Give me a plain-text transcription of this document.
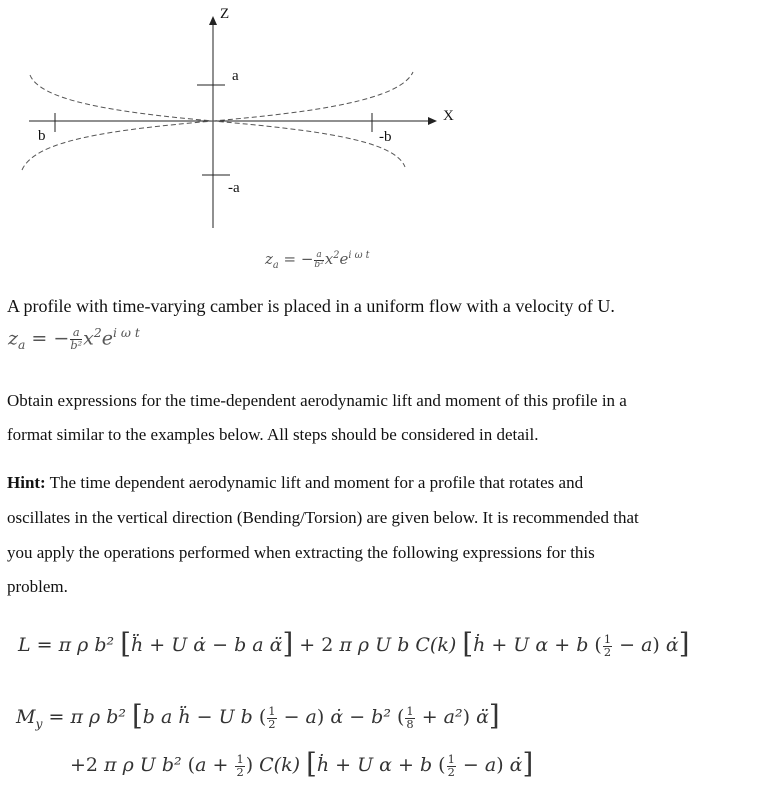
Z
X
a
-a
b	-b
$z_a$ = − $\frac{a}{\text{b²}} x^2e^{i \omega t}$
A profile with time-varying camber is placed in a uniform flow with a velocity of U.
$z_a$ = − $\frac{a}{\text{b²}} x^2e^{i \omega t}$
Obtain expressions for the time-dependent aerodynamic lift and moment of this profile in a
format similar to the examples below. All steps should be considered in detail.
Hint: The time dependent aerodynamic lift and moment for a profile that rotates and
oscillates in the vertical direction (Bending/Torsion) are given below. It is recommended that
you apply the operations performed when extracting the following expressions for this
problem.
L = π ρ b² [ḧ + U α̇ − b a α̈] + 2 π ρ U b C(k) [ḣ + U α + b ( $\frac{1}{2} - a$) α̇]
$M_y = \pi$ ρ b² [b a ḧ − U b ( $\frac{1}{2} - a$) α̇ − b² ( $\frac{1}{8} + a^2$) α̈]
+2 π ρ U b² ($a + \frac{1}{2}$ ) C(k) [ḣ + U α + b ( $\frac{1}{2} - a$) α̇]
